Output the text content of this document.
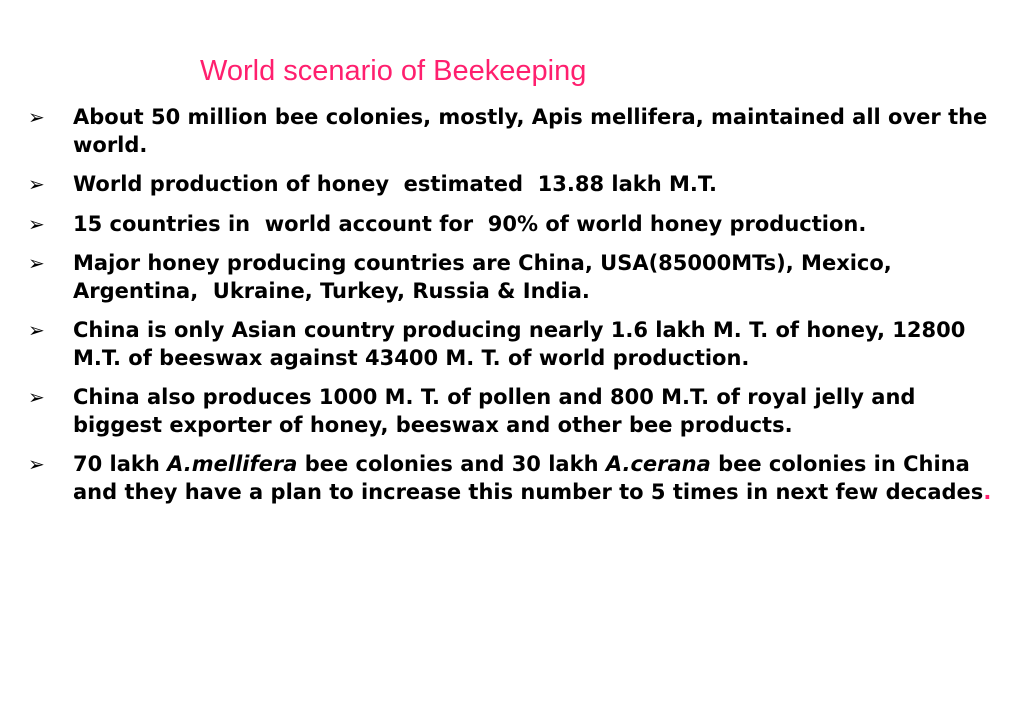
World scenario of Beekeeping
➢	About 50 million bee colonies, mostly, Apis mellifera, maintained all over the world.
➢	World production of honey  estimated  13.88 lakh M.T.
➢	15 countries in  world account for  90% of world honey production.
➢	Major honey producing countries are China, USA(85000MTs), Mexico, Argentina,  Ukraine, Turkey, Russia & India.
➢	China is only Asian country producing nearly 1.6 lakh M. T. of honey, 12800 M.T. of beeswax against 43400 M. T. of world production.
➢	China also produces 1000 M. T. of pollen and 800 M.T. of royal jelly and biggest exporter of honey, beeswax and other bee products.
➢	70 lakh A.mellifera bee colonies and 30 lakh A.cerana bee colonies in China and they have a plan to increase this number to 5 times in next few decades.
